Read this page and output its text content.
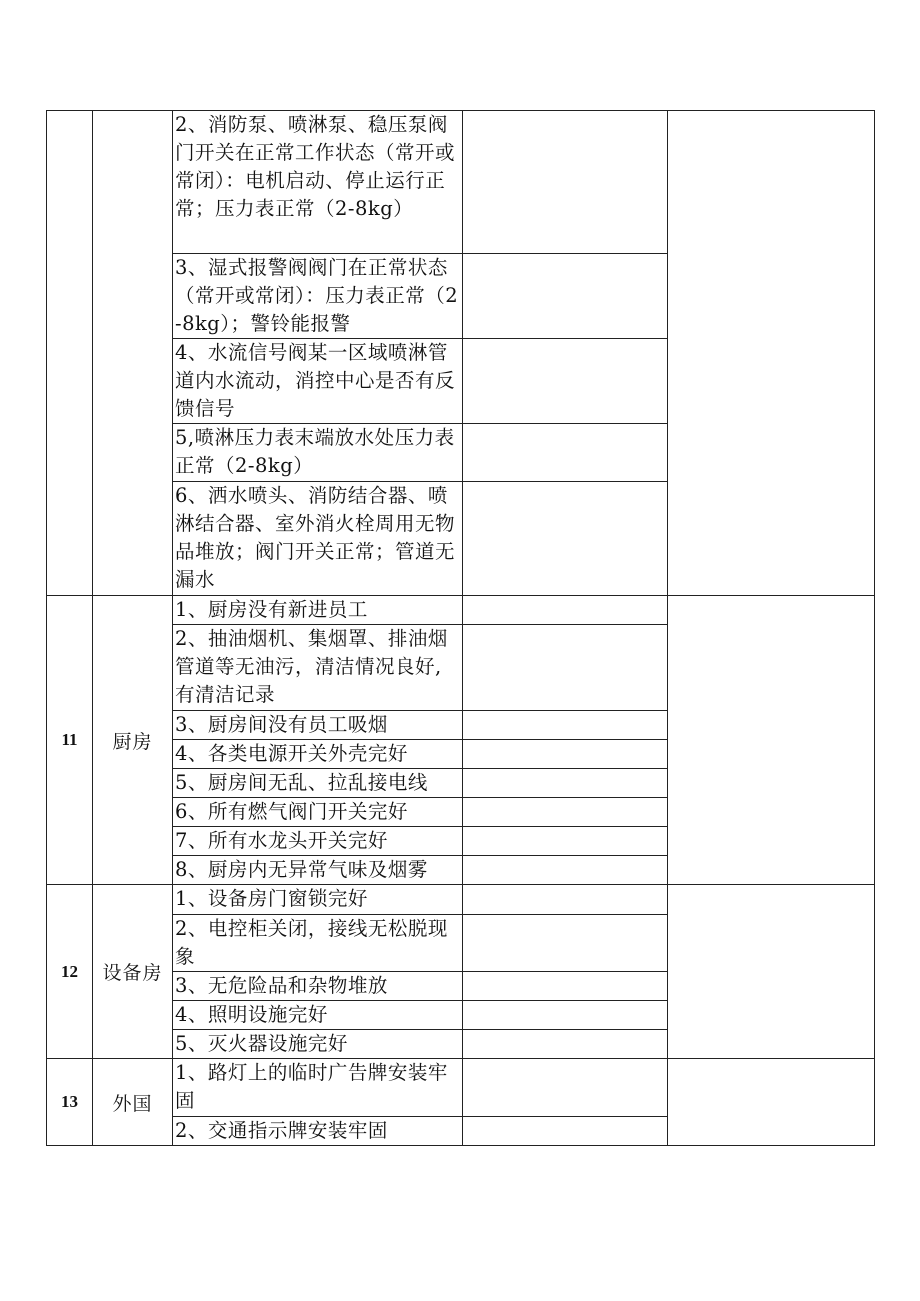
		2、消防泵、喷淋泵、稳压泵阀门开关在正常工作状态（常开或常闭）：电机启动、停止运行正常；压力表正常（2-8kg）		
		3、湿式报警阀阀门在正常状态（常开或常闭）：压力表正常（2-8kg）；警铃能报警		
		4、水流信号阀某一区域喷淋管道内水流动，消控中心是否有反馈信号		
		5,喷淋压力表末端放水处压力表正常（2-8kg）		
		6、洒水喷头、消防结合器、喷淋结合器、室外消火栓周用无物品堆放；阀门开关正常；管道无漏水		
11	厨房	1、厨房没有新进员工		
		2、抽油烟机、集烟罩、排油烟管道等无油污，清洁情况良好,有清洁记录		
		3、厨房间没有员工吸烟		
		4、各类电源开关外壳完好		
		5、厨房间无乱、拉乱接电线		
		6、所有燃气阀门开关完好		
		7、所有水龙头开关完好		
		8、厨房内无异常气味及烟雾		
12	设备房	1、设备房门窗锁完好		
		2、电控柜关闭，接线无松脱现象		
		3、无危险品和杂物堆放		
		4、照明设施完好		
		5、灭火器设施完好		
13	外国	1、路灯上的临时广告牌安装牢固		
		2、交通指示牌安装牢固		
